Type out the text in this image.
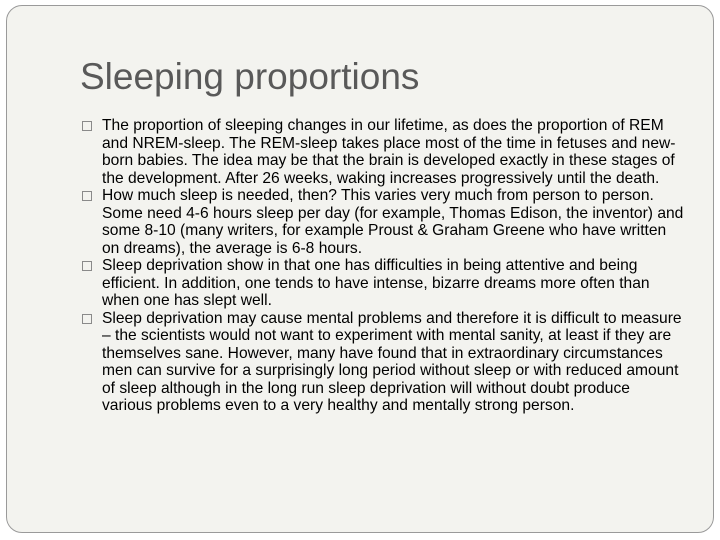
Sleeping proportions
The proportion of sleeping changes in our lifetime, as does the proportion of REM and NREM-sleep. The REM-sleep takes place most of the time in fetuses and new-born babies. The idea may be that the brain is developed exactly in these stages of the development. After 26 weeks, waking increases progressively until the death.
How much sleep is needed, then? This varies very much from person to person. Some need 4-6 hours sleep per day (for example, Thomas Edison, the inventor) and some 8-10 (many writers, for example Proust & Graham Greene who have written on dreams), the average is 6-8 hours.
Sleep deprivation show in that one has difficulties in being attentive and being efficient. In addition, one tends to have intense, bizarre dreams more often than when one has slept well.
Sleep deprivation may cause mental problems and therefore it is difficult to measure – the scientists would not want to experiment with mental sanity, at least if they are themselves sane. However, many have found that in extraordinary circumstances men can survive for a surprisingly long period without sleep or with reduced amount of sleep although in the long run sleep deprivation will without doubt produce various problems even to a very healthy and mentally strong person.
